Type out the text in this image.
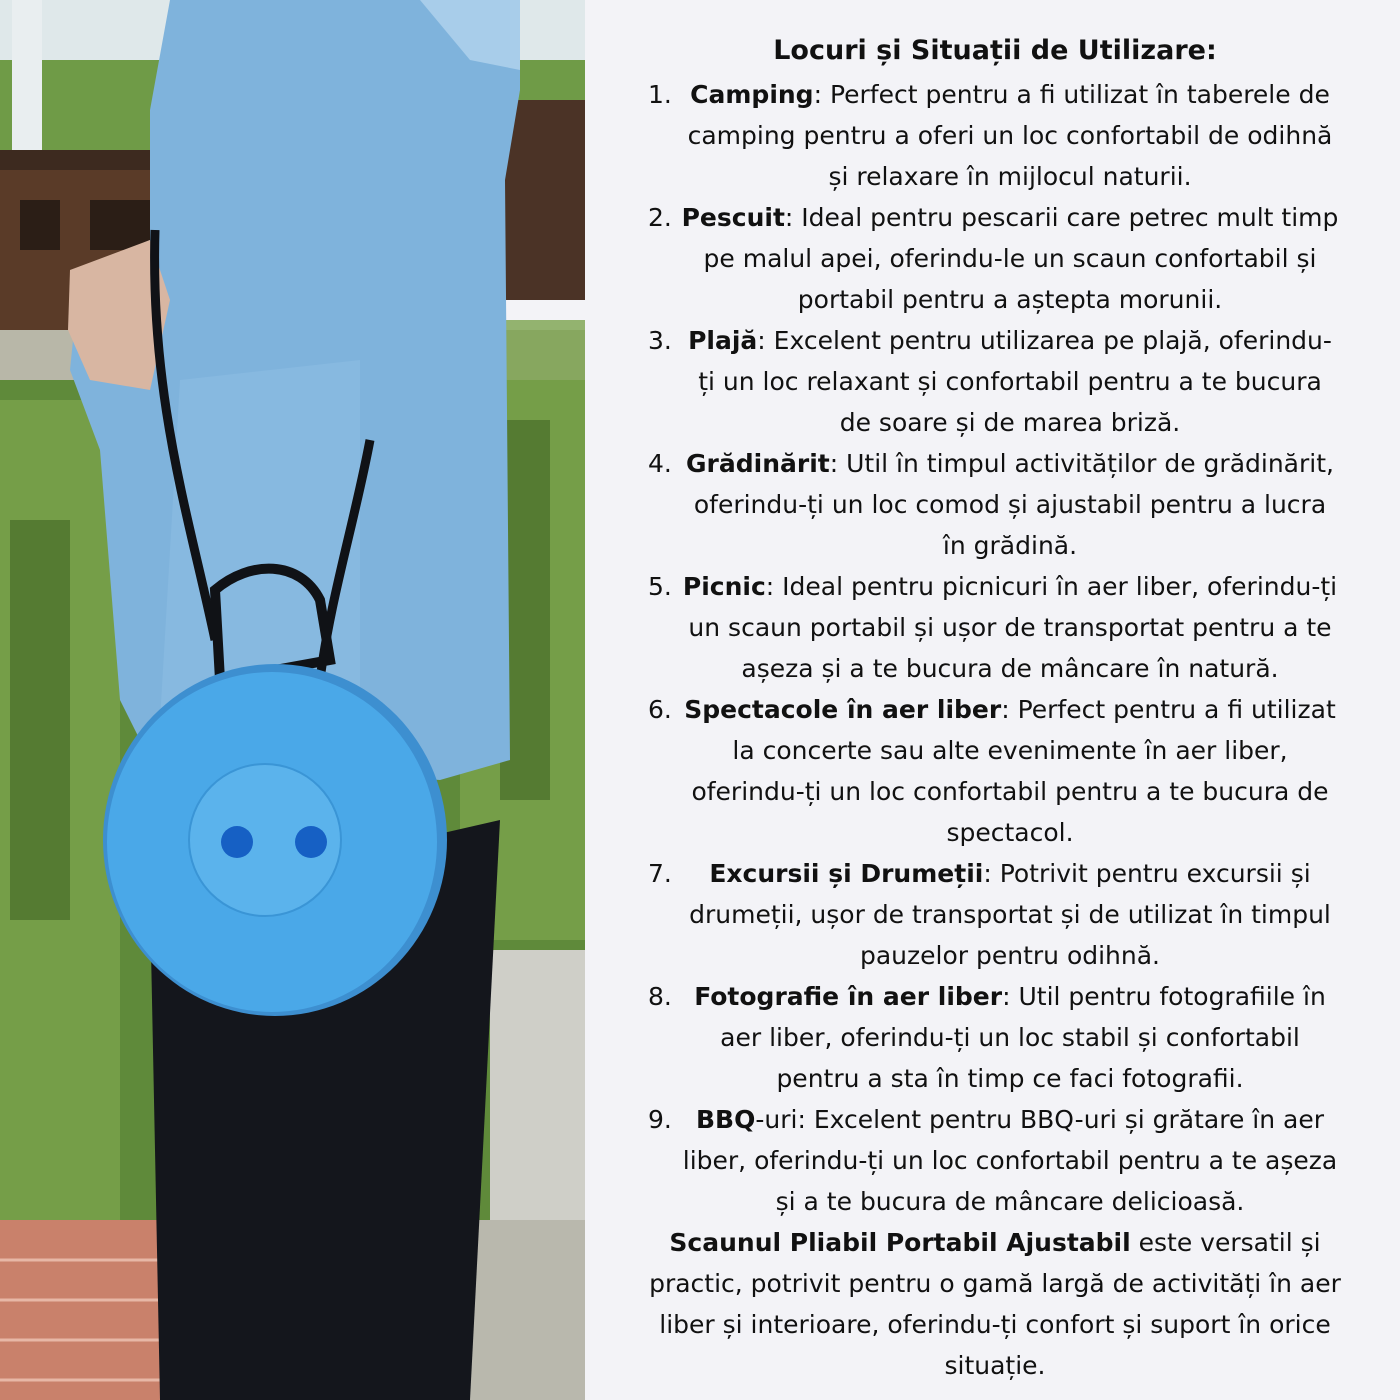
Locuri și Situații de Utilizare:
1. Camping: Perfect pentru a fi utilizat în taberele de camping pentru a oferi un loc confortabil de odihnă și relaxare în mijlocul naturii.
2. Pescuit: Ideal pentru pescarii care petrec mult timp pe malul apei, oferindu-le un scaun confortabil și portabil pentru a aștepta morunii.
3. Plajă: Excelent pentru utilizarea pe plajă, oferindu-ți un loc relaxant și confortabil pentru a te bucura de soare și de marea briză.
4. Grădinărit: Util în timpul activităților de grădinărit, oferindu-ți un loc comod și ajustabil pentru a lucra în grădină.
5. Picnic: Ideal pentru picnicuri în aer liber, oferindu-ți un scaun portabil și ușor de transportat pentru a te așeza și a te bucura de mâncare în natură.
6. Spectacole în aer liber: Perfect pentru a fi utilizat la concerte sau alte evenimente în aer liber, oferindu-ți un loc confortabil pentru a te bucura de spectacol.
7. Excursii și Drumeții: Potrivit pentru excursii și drumeții, ușor de transportat și de utilizat în timpul pauzelor pentru odihnă.
8. Fotografie în aer liber: Util pentru fotografiile în aer liber, oferindu-ți un loc stabil și confortabil pentru a sta în timp ce faci fotografii.
9. BBQ-uri: Excelent pentru BBQ-uri și grătare în aer liber, oferindu-ți un loc confortabil pentru a te așeza și a te bucura de mâncare delicioasă.

Scaunul Pliabil Portabil Ajustabil este versatil și practic, potrivit pentru o gamă largă de activități în aer liber și interioare, oferindu-ți confort și suport în orice situație.
